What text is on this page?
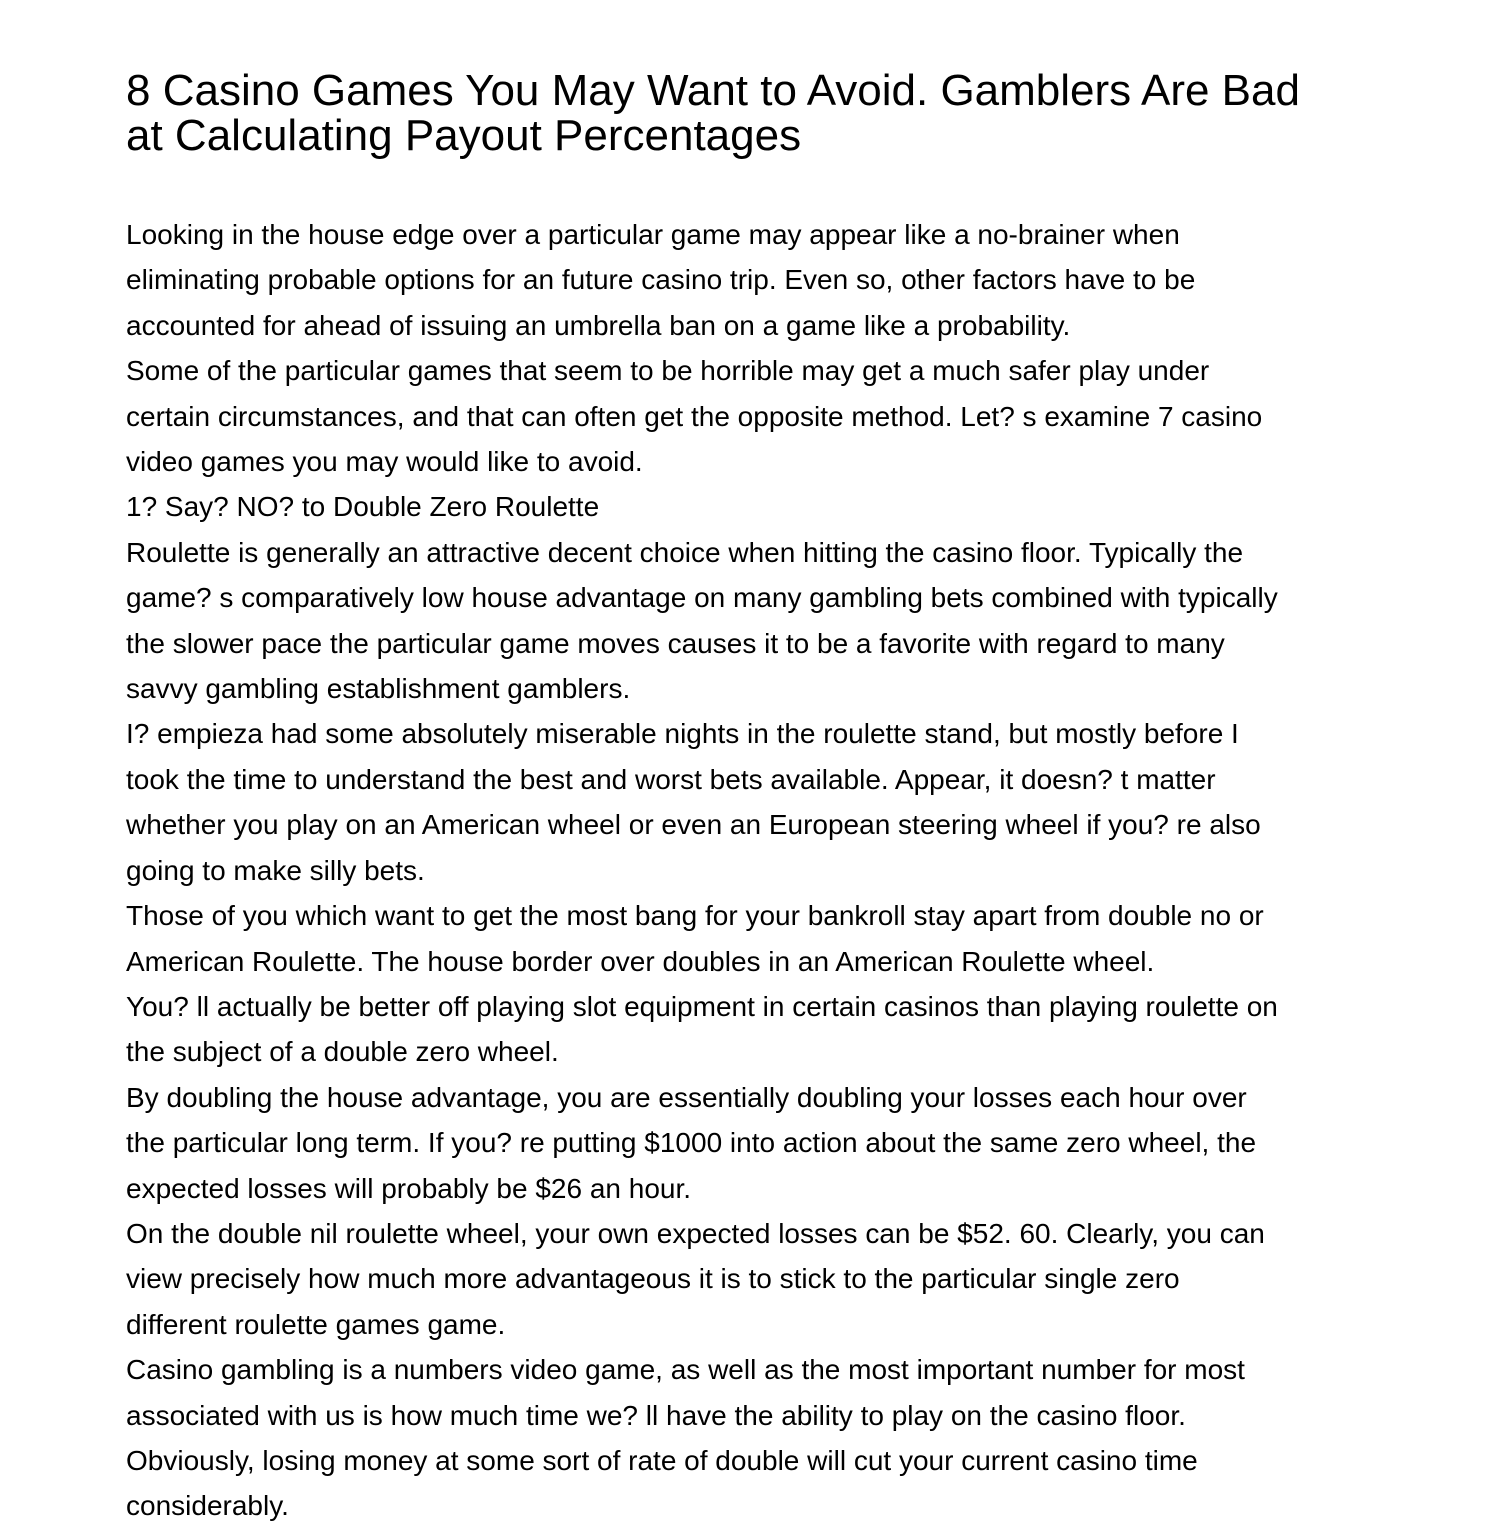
8 Casino Games You May Want to Avoid. Gamblers Are Bad
at Calculating Payout Percentages

Looking in the house edge over a particular game may appear like a no-brainer when

eliminating probable options for an future casino trip. Even so, other factors have to be

accounted for ahead of issuing an umbrella ban on a game like a probability.

Some of the particular games that seem to be horrible may get a much safer play under

certain circumstances, and that can often get the opposite method. Let? s examine 7 casino

video games you may would like to avoid.

1? Say? NO? to Double Zero Roulette

Roulette is generally an attractive decent choice when hitting the casino floor. Typically the

game? s comparatively low house advantage on many gambling bets combined with typically

the slower pace the particular game moves causes it to be a favorite with regard to many

savvy gambling establishment gamblers.

I? empieza had some absolutely miserable nights in the roulette stand, but mostly before I

took the time to understand the best and worst bets available. Appear, it doesn? t matter

whether you play on an American wheel or even an European steering wheel if you? re also

going to make silly bets.

Those of you which want to get the most bang for your bankroll stay apart from double no or

American Roulette. The house border over doubles in an American Roulette wheel.

You? ll actually be better off playing slot equipment in certain casinos than playing roulette on

the subject of a double zero wheel.

By doubling the house advantage, you are essentially doubling your losses each hour over

the particular long term. If you? re putting $1000 into action about the same zero wheel, the

expected losses will probably be $26 an hour.

On the double nil roulette wheel, your own expected losses can be $52. 60. Clearly, you can

view precisely how much more advantageous it is to stick to the particular single zero

different roulette games game.

Casino gambling is a numbers video game, as well as the most important number for most

associated with us is how much time we? ll have the ability to play on the casino floor.

Obviously, losing money at some sort of rate of double will cut your current casino time

considerably.
